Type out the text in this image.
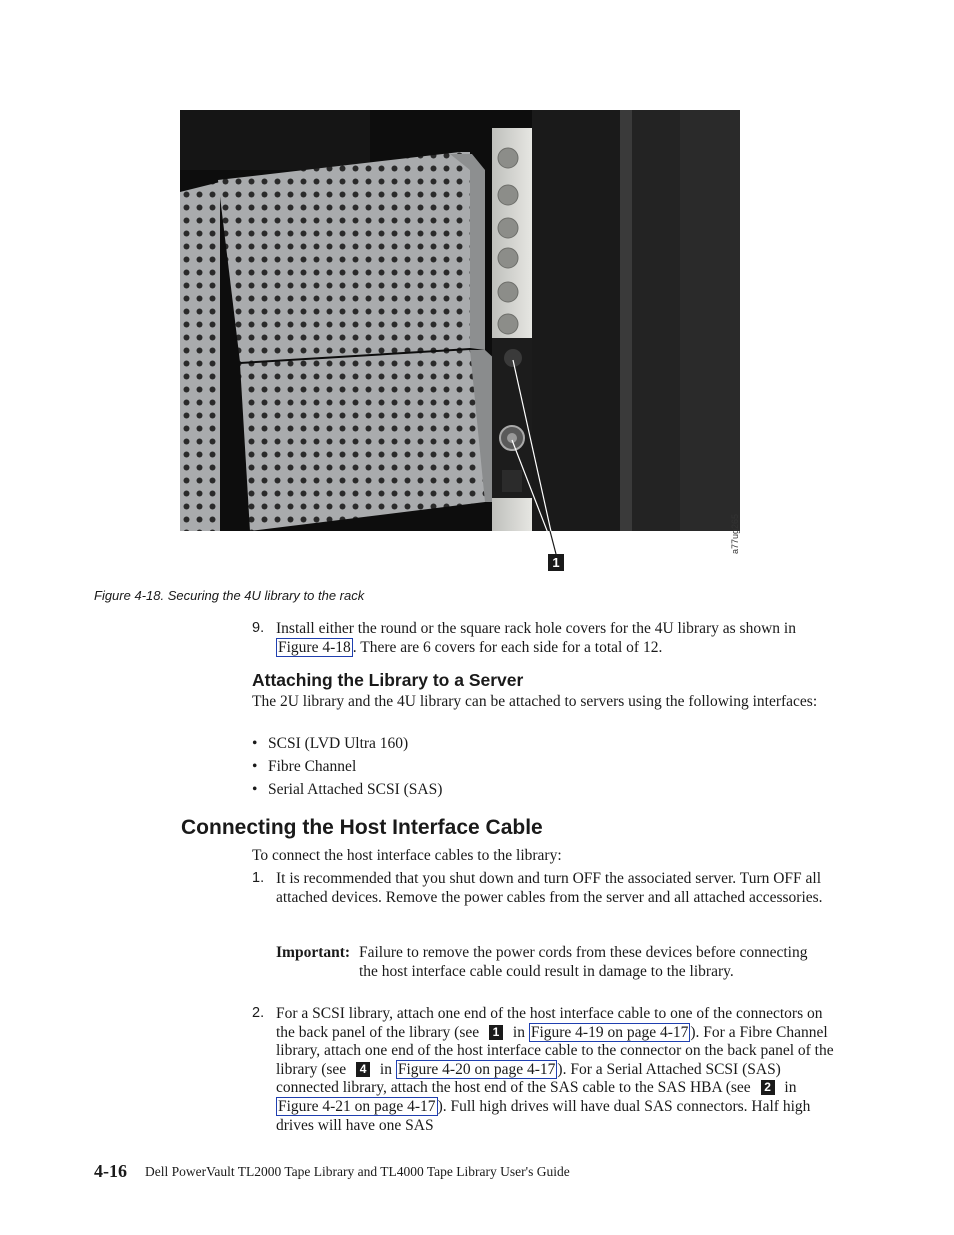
1
a77ug265
Figure 4-18. Securing the 4U library to the rack
9. Install either the round or the square rack hole covers for the 4U library as shown in Figure 4-18 . There are 6 covers for each side for a total of 12.
Attaching the Library to a Server
The 2U library and the 4U library can be attached to servers using the following interfaces:
• SCSI (LVD Ultra 160)
• Fibre Channel
• Serial Attached SCSI (SAS)
Connecting the Host Interface Cable
To connect the host interface cables to the library:
1. It is recommended that you shut down and turn OFF the associated server. Turn OFF all attached devices. Remove the power cables from the server and all attached accessories.
Important: Failure to remove the power cords from these devices before connecting the host interface cable could result in damage to the library.
2. For a SCSI library, attach one end of the host interface cable to one of the connectors on the back panel of the library (see 1 in Figure 4-19 on page 4-17 ). For a Fibre Channel library, attach one end of the host interface cable to the connector on the back panel of the library (see 4 in Figure 4-20 on page 4-17 ). For a Serial Attached SCSI (SAS) connected library, attach the host end of the SAS cable to the SAS HBA (see 2 in Figure 4-21 on page 4-17 ). Full high drives will have dual SAS connectors. Half high drives will have one SAS
4-16 Dell PowerVault TL2000 Tape Library and TL4000 Tape Library User's Guide
